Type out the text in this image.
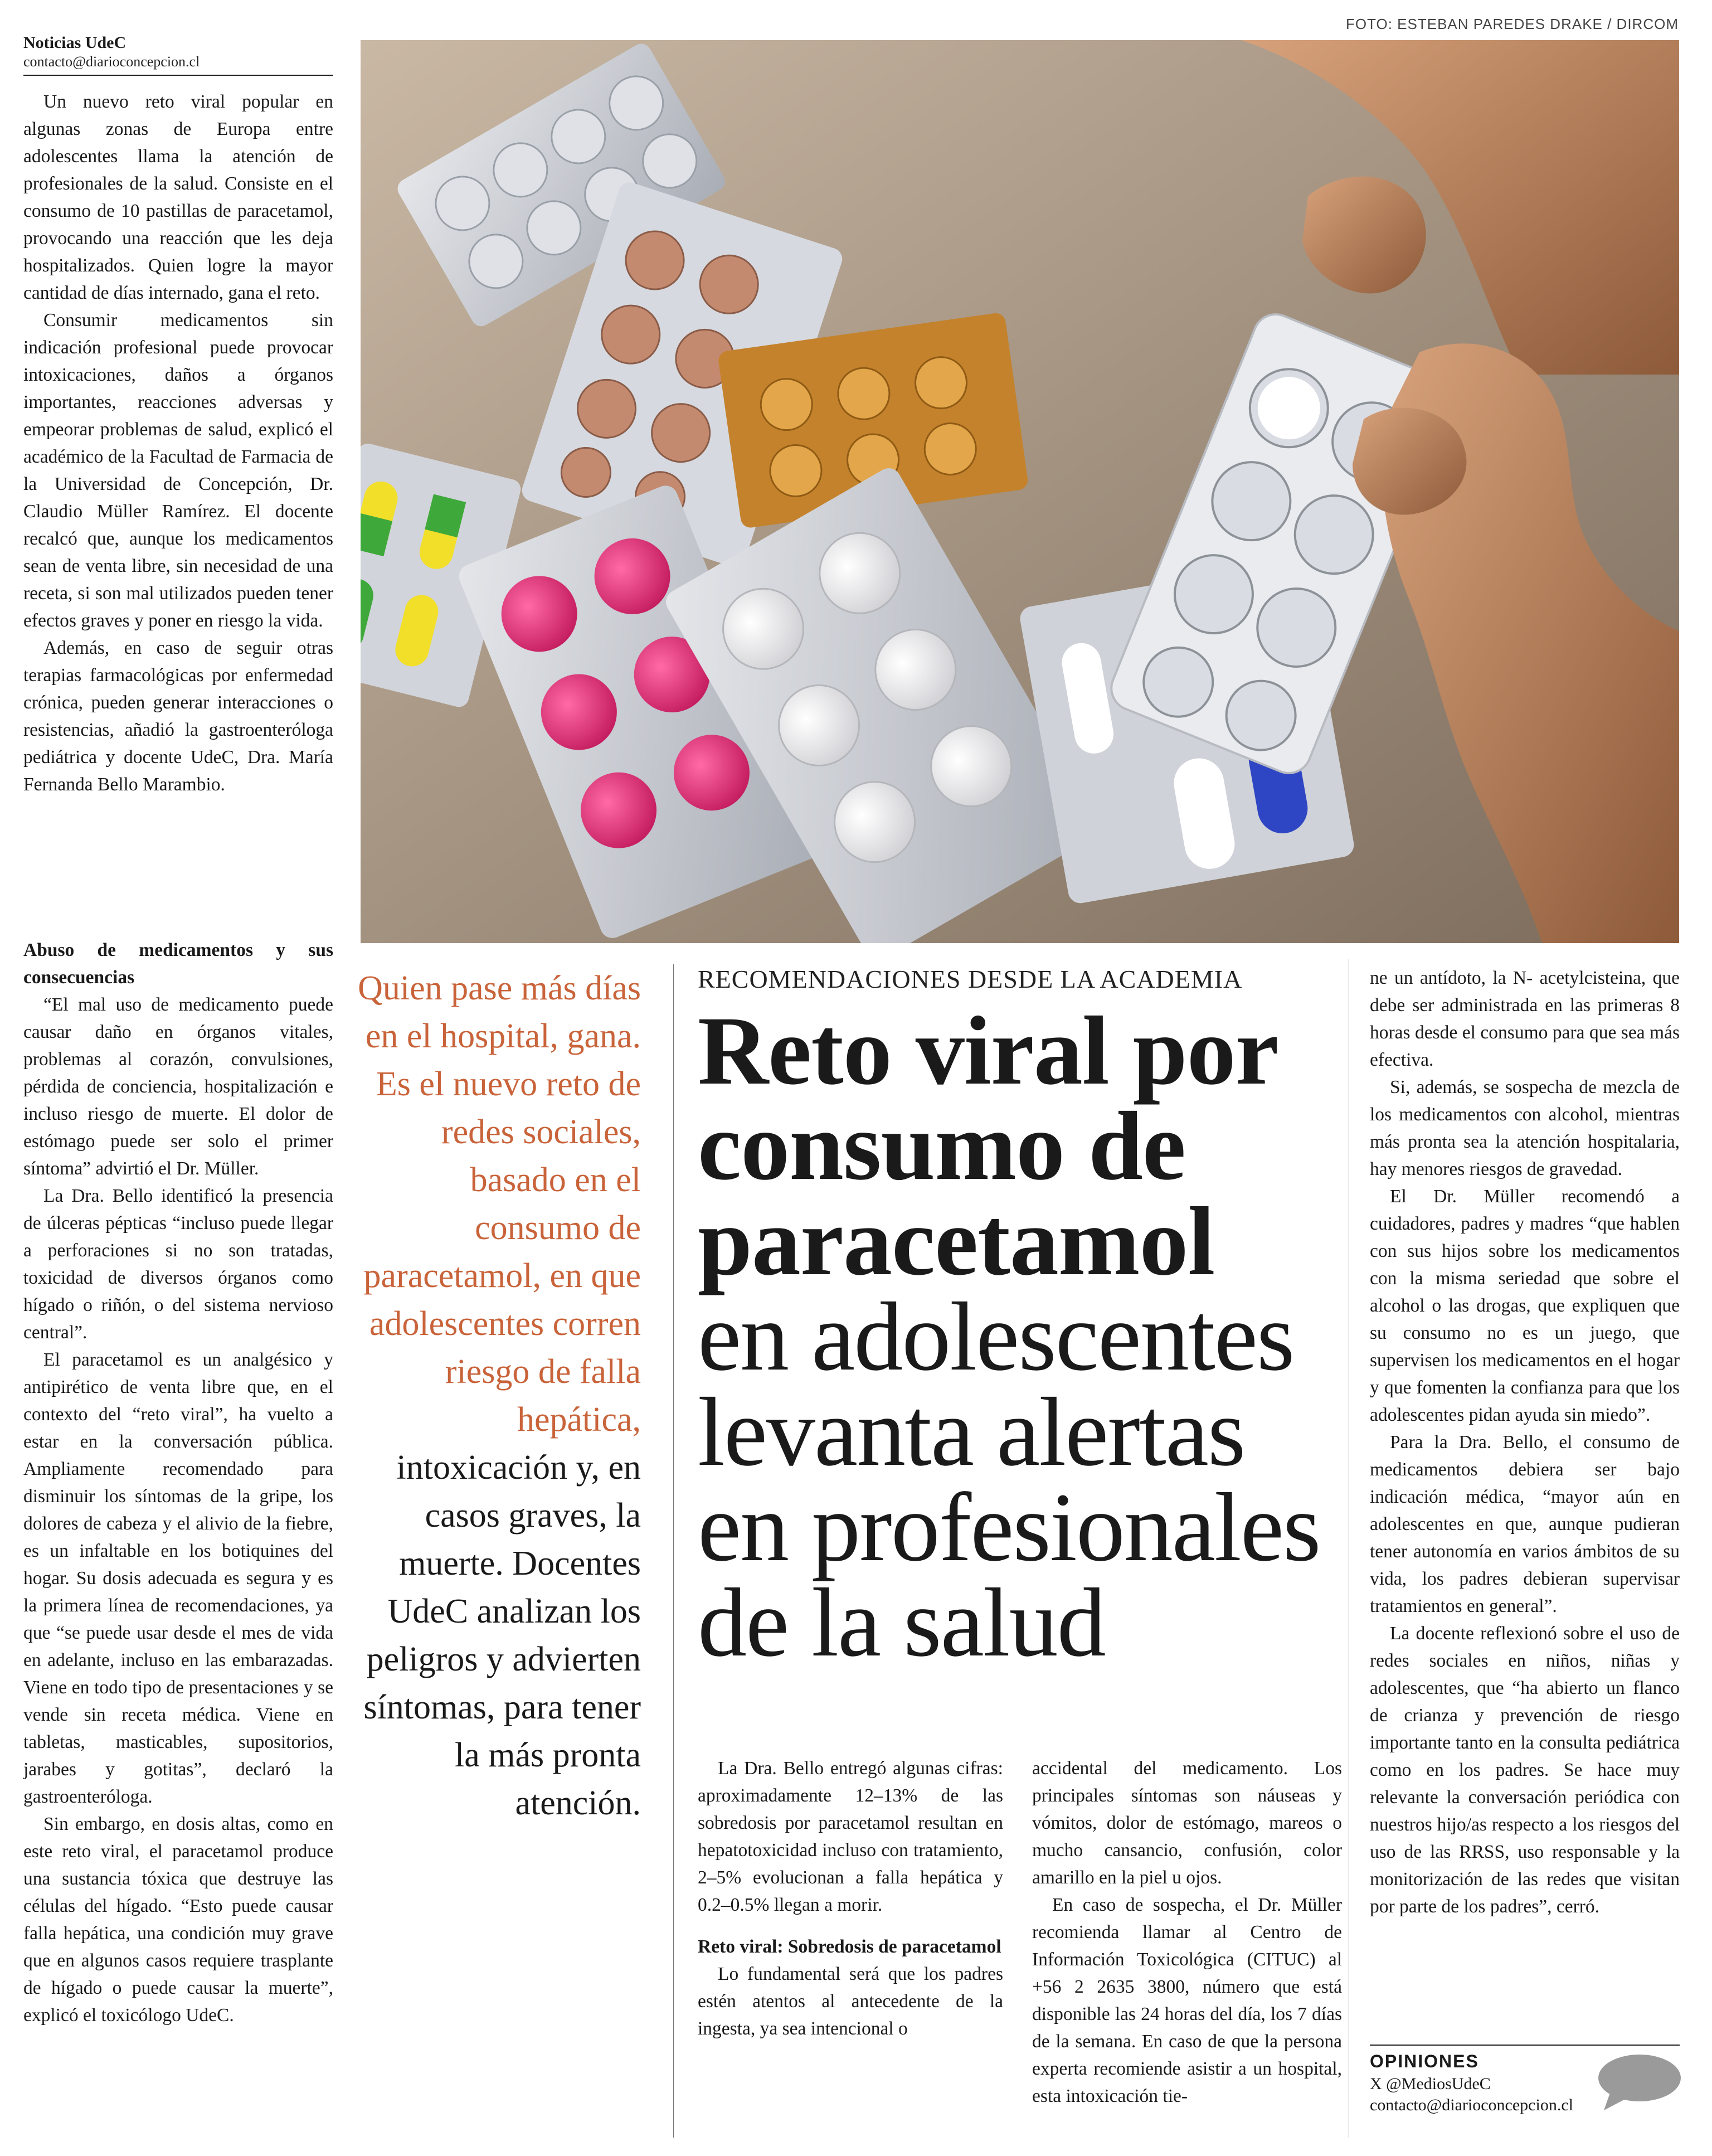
FOTO: ESTEBAN PAREDES DRAKE / DIRCOM
Noticias UdeC
contacto@diarioconcepcion.cl

Un nuevo reto viral popular en algunas zonas de Europa entre adolescentes llama la atención de profesionales de la salud. Consiste en el consumo de 10 pastillas de paracetamol, provocando una reacción que les deja hospitalizados. Quien logre la mayor cantidad de días internado, gana el reto.

Consumir medicamentos sin indicación profesional puede provocar intoxicaciones, daños a órganos importantes, reacciones adversas y empeorar problemas de salud, explicó el académico de la Facultad de Farmacia de la Universidad de Concepción, Dr. Claudio Müller Ramírez. El docente recalcó que, aunque los medicamentos sean de venta libre, sin necesidad de una receta, si son mal utilizados pueden tener efectos graves y poner en riesgo la vida.

Además, en caso de seguir otras terapias farmacológicas por enfermedad crónica, pueden generar interacciones o resistencias, añadió la gastroenteróloga pediátrica y docente UdeC, Dra. María Fernanda Bello Marambio.

Abuso de medicamentos y sus consecuencias

“El mal uso de medicamento puede causar daño en órganos vitales, problemas al corazón, convulsiones, pérdida de conciencia, hospitalización e incluso riesgo de muerte. El dolor de estómago puede ser solo el primer síntoma” advirtió el Dr. Müller.

La Dra. Bello identificó la presencia de úlceras pépticas “incluso puede llegar a perforaciones si no son tratadas, toxicidad de diversos órganos como hígado o riñón, o del sistema nervioso central”.

El paracetamol es un analgésico y antipirético de venta libre que, en el contexto del “reto viral”, ha vuelto a estar en la conversación pública. Ampliamente recomendado para disminuir los síntomas de la gripe, los dolores de cabeza y el alivio de la fiebre, es un infaltable en los botiquines del hogar. Su dosis adecuada es segura y es la primera línea de recomendaciones, ya que “se puede usar desde el mes de vida en adelante, incluso en las embarazadas. Viene en todo tipo de presentaciones y se vende sin receta médica. Viene en tabletas, masticables, supositorios, jarabes y gotitas”, declaró la gastroenteróloga.

Sin embargo, en dosis altas, como en este reto viral, el paracetamol produce una sustancia tóxica que destruye las células del hígado. “Esto puede causar falla hepática, una condición muy grave que en algunos casos requiere trasplante de hígado o puede causar la muerte”, explicó el toxicólogo UdeC.

Quien pase más días en el hospital, gana. Es el nuevo reto de redes sociales, basado en el consumo de paracetamol, en que adolescentes corren riesgo de falla hepática, intoxicación y, en casos graves, la muerte. Docentes UdeC analizan los peligros y advierten síntomas, para tener la más pronta atención.
RECOMENDACIONES DESDE LA ACADEMIA
Reto viral por
consumo de
paracetamol
en adolescentes
levanta alertas
en profesionales
de la salud

La Dra. Bello entregó algunas cifras: aproximadamente 12–13% de las sobredosis por paracetamol resultan en hepatotoxicidad incluso con tratamiento, 2–5% evolucionan a falla hepática y 0.2–0.5% llegan a morir.

Reto viral: Sobredosis de paracetamol

Lo fundamental será que los padres estén atentos al antecedente de la ingesta, ya sea intencional o

accidental del medicamento. Los principales síntomas son náuseas y vómitos, dolor de estómago, mareos o mucho cansancio, confusión, color amarillo en la piel u ojos.

En caso de sospecha, el Dr. Müller recomienda llamar al Centro de Información Toxicológica (CITUC) al +56 2 2635 3800, número que está disponible las 24 horas del día, los 7 días de la semana. En caso de que la persona experta recomiende asistir a un hospital, esta intoxicación tie-

ne un antídoto, la N- acetylcisteina, que debe ser administrada en las primeras 8 horas desde el consumo para que sea más efectiva.

Si, además, se sospecha de mezcla de los medicamentos con alcohol, mientras más pronta sea la atención hospitalaria, hay menores riesgos de gravedad.

El Dr. Müller recomendó a cuidadores, padres y madres “que hablen con sus hijos sobre los medicamentos con la misma seriedad que sobre el alcohol o las drogas, que expliquen que su consumo no es un juego, que supervisen los medicamentos en el hogar y que fomenten la confianza para que los adolescentes pidan ayuda sin miedo”.

Para la Dra. Bello, el consumo de medicamentos debiera ser bajo indicación médica, “mayor aún en adolescentes en que, aunque pudieran tener autonomía en varios ámbitos de su vida, los padres debieran supervisar tratamientos en general”.

La docente reflexionó sobre el uso de redes sociales en niños, niñas y adolescentes, que “ha abierto un flanco de crianza y prevención de riesgo importante tanto en la consulta pediátrica como en los padres. Se hace muy relevante la conversación periódica con nuestros hijo/as respecto a los riesgos del uso de las RRSS, uso responsable y la monitorización de las redes que visitan por parte de los padres”, cerró.

OPINIONES
X @MediosUdeC
contacto@diarioconcepcion.cl
